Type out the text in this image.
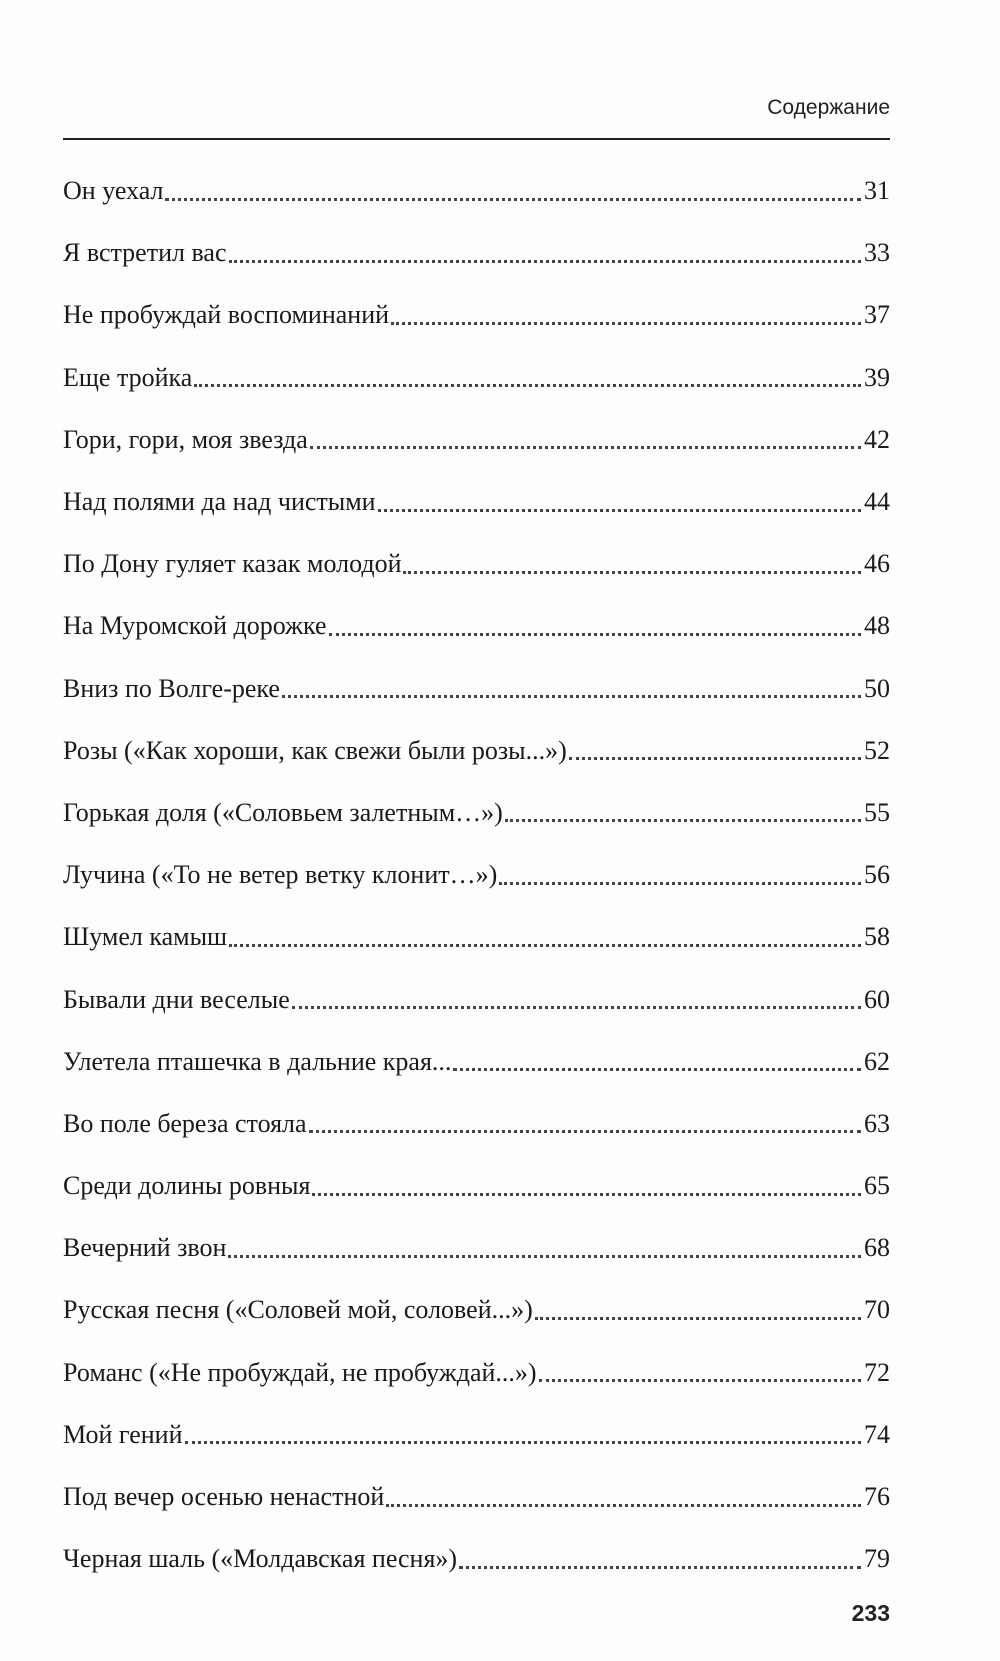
Содержание
Он уехал	31
Я встретил вас	33
Не пробуждай воспоминаний	37
Еще тройка	39
Гори, гори, моя звезда	42
Над полями да над чистыми	44
По Дону гуляет казак молодой	46
На Муромской дорожке	48
Вниз по Волге-реке	50
Розы («Как хороши, как свежи были розы...»)	52
Горькая доля («Соловьем залетным…»)	55
Лучина («То не ветер ветку клонит…»)	56
Шумел камыш	58
Бывали дни веселые	60
Улетела пташечка в дальние края...	62
Во поле береза стояла	63
Среди долины ровныя	65
Вечерний звон	68
Русская песня («Соловей мой, соловей...»)	70
Романс («Не пробуждай, не пробуждай...»)	72
Мой гений	74
Под вечер осенью ненастной	76
Черная шаль («Молдавская песня»)	79
233
